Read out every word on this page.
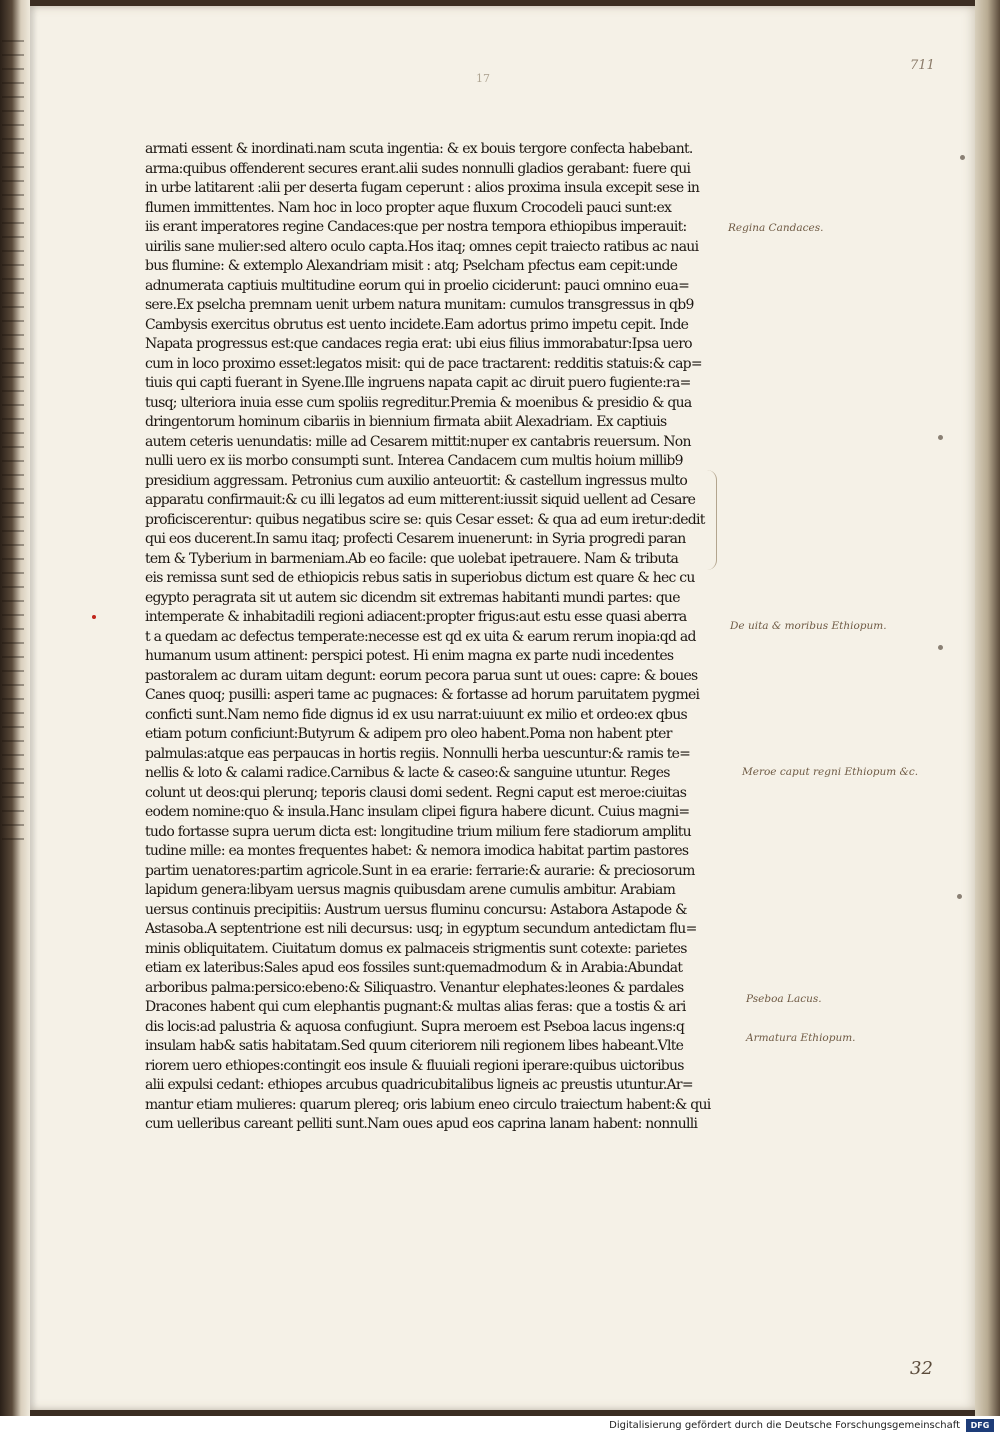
711
17
armati essent & inordinati.nam scuta ingentia: & ex bouis tergore confecta habebant.
arma:quibus offenderent secures erant.alii sudes nonnulli gladios gerabant: fuere qui
in urbe latitarent :alii per deserta fugam ceperunt : alios proxima insula excepit sese in
flumen immittentes. Nam hoc in loco propter aque fluxum Crocodeli pauci sunt:ex
iis erant imperatores regine Candaces:que per nostra tempora ethiopibus imperauit:
uirilis sane mulier:sed altero oculo capta.Hos itaq; omnes cepit traiecto ratibus ac naui
bus flumine: & extemplo Alexandriam misit : atq; Pselcham pfectus eam cepit:unde
adnumerata captiuis multitudine eorum qui in proelio ciciderunt: pauci omnino eua=
sere.Ex pselcha premnam uenit urbem natura munitam: cumulos transgressus in qb9
Cambysis exercitus obrutus est uento incidete.Eam adortus primo impetu cepit. Inde
Napata progressus est:que candaces regia erat: ubi eius filius immorabatur:Ipsa uero
cum in loco proximo esset:legatos misit: qui de pace tractarent: redditis statuis:& cap=
tiuis qui capti fuerant in Syene.Ille ingruens napata capit ac diruit puero fugiente:ra=
tusq; ulteriora inuia esse cum spoliis regreditur.Premia & moenibus & presidio & qua
dringentorum hominum cibariis in biennium firmata abiit Alexadriam. Ex captiuis
autem ceteris uenundatis: mille ad Cesarem mittit:nuper ex cantabris reuersum. Non
nulli uero ex iis morbo consumpti sunt. Interea Candacem cum multis hoium millib9
presidium aggressam. Petronius cum auxilio anteuortit: & castellum ingressus multo
apparatu confirmauit:& cu illi legatos ad eum mitterent:iussit siquid uellent ad Cesare
proficiscerentur: quibus negatibus scire se: quis Cesar esset: & qua ad eum iretur:dedit
qui eos ducerent.In samu itaq; profecti Cesarem inuenerunt: in Syria progredi paran
tem & Tyberium in barmeniam.Ab eo facile: que uolebat ipetrauere. Nam & tributa
eis remissa sunt sed de ethiopicis rebus satis in superiobus dictum est quare & hec cu
egypto peragrata sit ut autem sic dicendm sit extremas habitanti mundi partes: que
intemperate & inhabitadili regioni adiacent:propter frigus:aut estu esse quasi aberra
t a quedam ac defectus temperate:necesse est qd ex uita & earum rerum inopia:qd ad
humanum usum attinent: perspici potest. Hi enim magna ex parte nudi incedentes
pastoralem ac duram uitam degunt: eorum pecora parua sunt ut oues: capre: & boues
Canes quoq; pusilli: asperi tame ac pugnaces: & fortasse ad horum paruitatem pygmei
conficti sunt.Nam nemo fide dignus id ex usu narrat:uiuunt ex milio et ordeo:ex qbus
etiam potum conficiunt:Butyrum & adipem pro oleo habent.Poma non habent pter
palmulas:atque eas perpaucas in hortis regiis. Nonnulli herba uescuntur:& ramis te=
nellis & loto & calami radice.Carnibus & lacte & caseo:& sanguine utuntur. Reges
colunt ut deos:qui plerunq; teporis clausi domi sedent. Regni caput est meroe:ciuitas
eodem nomine:quo & insula.Hanc insulam clipei figura habere dicunt. Cuius magni=
tudo fortasse supra uerum dicta est: longitudine trium milium fere stadiorum amplitu
tudine mille: ea montes frequentes habet: & nemora imodica habitat partim pastores
partim uenatores:partim agricole.Sunt in ea erarie: ferrarie:& aurarie: & preciosorum
lapidum genera:libyam uersus magnis quibusdam arene cumulis ambitur. Arabiam
uersus continuis precipitiis: Austrum uersus fluminu concursu: Astabora Astapode &
Astasoba.A septentrione est nili decursus: usq; in egyptum secundum antedictam flu=
minis obliquitatem. Ciuitatum domus ex palmaceis strigmentis sunt cotexte: parietes
etiam ex lateribus:Sales apud eos fossiles sunt:quemadmodum & in Arabia:Abundat
arboribus palma:persico:ebeno:& Siliquastro. Venantur elephates:leones & pardales
Dracones habent qui cum elephantis pugnant:& multas alias feras: que a tostis & ari
dis locis:ad palustria & aquosa confugiunt. Supra meroem est Pseboa lacus ingens:q
insulam hab& satis habitatam.Sed quum citeriorem nili regionem libes habeant.Vlte
riorem uero ethiopes:contingit eos insule & fluuiali regioni iperare:quibus uictoribus
alii expulsi cedant: ethiopes arcubus quadricubitalibus ligneis ac preustis utuntur.Ar=
mantur etiam mulieres: quarum plereq; oris labium eneo circulo traiectum habent:& qui
cum uelleribus careant pelliti sunt.Nam oues apud eos caprina lanam habent: nonnulli
Regina Candaces.
De uita & moribus Ethiopum.
Meroe caput regni Ethiopum &c.
Pseboa Lacus.
Armatura Ethiopum.
32
Digitalisierung gefördert durch die Deutsche Forschungsgemeinschaft	DFG
